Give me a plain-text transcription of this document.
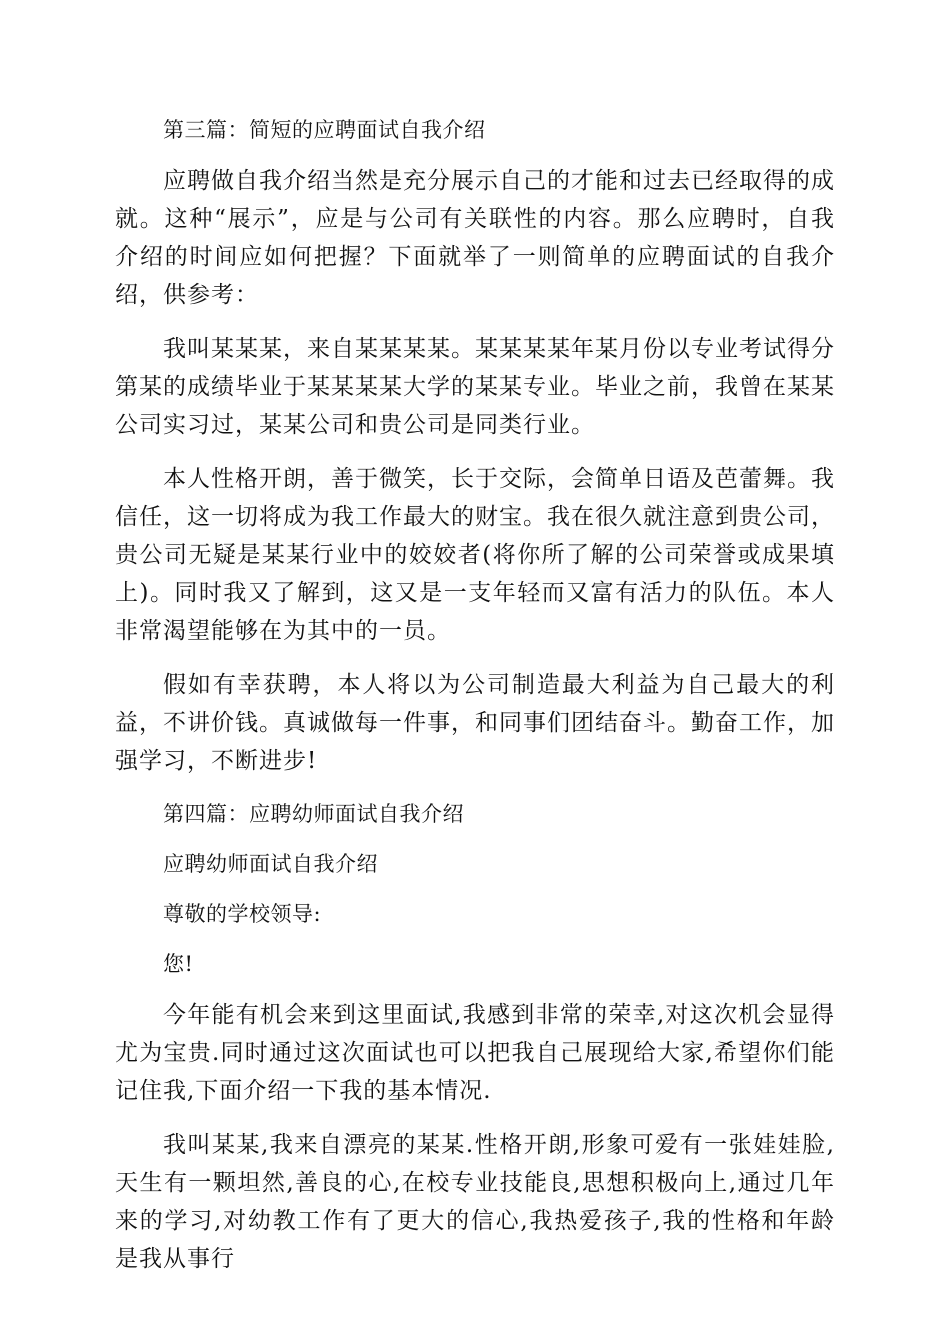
第三篇：简短的应聘面试自我介绍

应聘做自我介绍当然是充分展示自己的才能和过去已经取得的成就。这种“展示”，应是与公司有关联性的内容。那么应聘时，自我介绍的时间应如何把握？下面就举了一则简单的应聘面试的自我介绍，供参考：

我叫某某某，来自某某某某。某某某某年某月份以专业考试得分第某的成绩毕业于某某某某大学的某某专业。毕业之前，我曾在某某公司实习过，某某公司和贵公司是同类行业。

本人性格开朗，善于微笑，长于交际，会简单日语及芭蕾舞。我信任，这一切将成为我工作最大的财宝。我在很久就注意到贵公司，贵公司无疑是某某行业中的姣姣者(将你所了解的公司荣誉或成果填上)。同时我又了解到，这又是一支年轻而又富有活力的队伍。本人非常渴望能够在为其中的一员。

假如有幸获聘，本人将以为公司制造最大利益为自己最大的利益，不讲价钱。真诚做每一件事，和同事们团结奋斗。勤奋工作，加强学习，不断进步!

第四篇：应聘幼师面试自我介绍

应聘幼师面试自我介绍

尊敬的学校领导:

您!

今年能有机会来到这里面试,我感到非常的荣幸,对这次机会显得尤为宝贵.同时通过这次面试也可以把我自己展现给大家,希望你们能记住我,下面介绍一下我的基本情况.

我叫某某,我来自漂亮的某某.性格开朗,形象可爱有一张娃娃脸,天生有一颗坦然,善良的心,在校专业技能良,思想积极向上,通过几年来的学习,对幼教工作有了更大的信心,我热爱孩子,我的性格和年龄是我从事行
